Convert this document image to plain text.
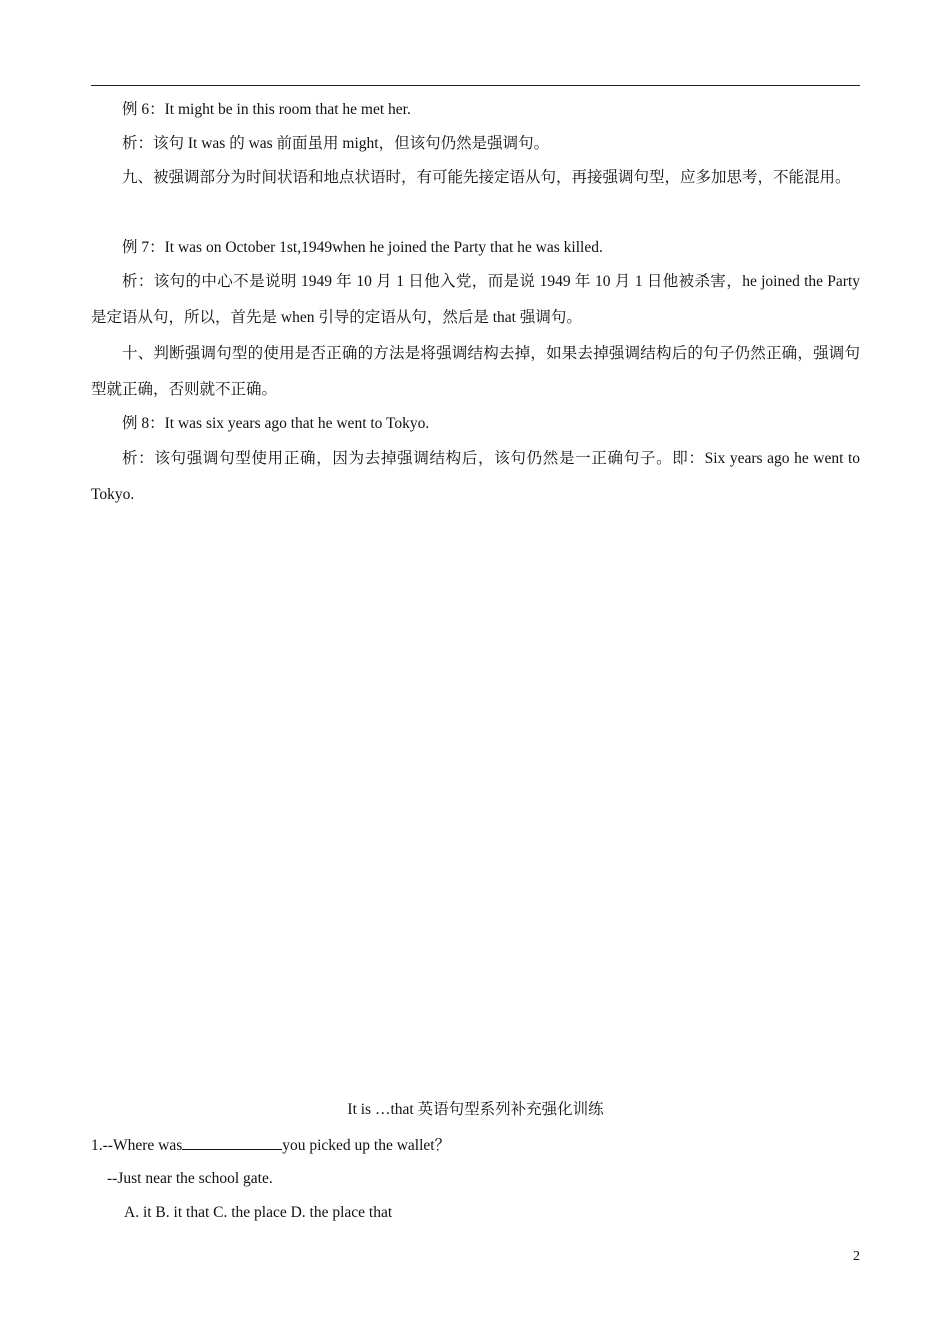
例 6：It might be in this room that he met her.

析：该句 It was 的 was 前面虽用 might，但该句仍然是强调句。

九、被强调部分为时间状语和地点状语时，有可能先接定语从句，再接强调句型，应多加思考，不能混用。

例 7：It was on October 1st,1949when he joined the Party that he was killed.

析：该句的中心不是说明 1949 年 10 月 1 日他入党，而是说 1949 年 10 月 1 日他被杀害，he joined the Party 是定语从句，所以，首先是 when 引导的定语从句，然后是 that 强调句。

十、判断强调句型的使用是否正确的方法是将强调结构去掉，如果去掉强调结构后的句子仍然正确，强调句型就正确，否则就不正确。

例 8：It was six years ago that he went to Tokyo.

析：该句强调句型使用正确，因为去掉强调结构后，该句仍然是一正确句子。即：Six years ago he went to Tokyo.

It is …that 英语句型系列补充强化训练

1.--Where was	you picked up the wallet？

--Just near the school gate.

A. it B. it that C. the place D. the place that

2
